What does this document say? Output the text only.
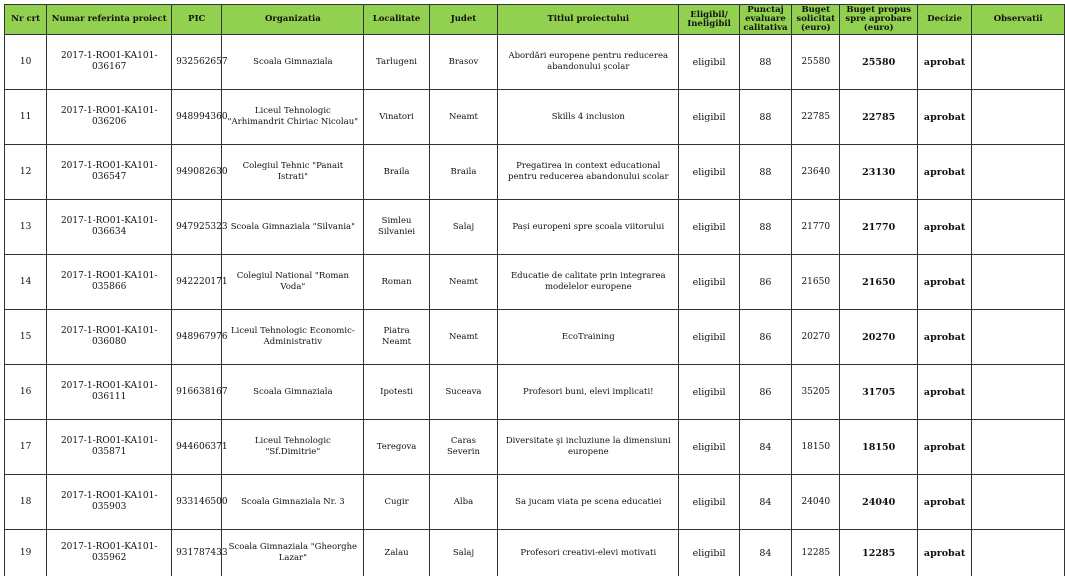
Nr crt	Numar referinta proiect	PIC	Organizatia	Localitate	Judet	Titlul proiectului	Eligibil/ Ineligibil	Punctaj evaluare calitativa	Buget solicitat (euro)	Buget propus spre aprobare (euro)	Decizie	Observatii
10	2017-1-RO01-KA101-036167	932562657	Scoala Gimnaziala	Tarlugeni	Brasov	Abordări europene pentru reducerea abandonului școlar	eligibil	88	25580	25580	aprobat	
11	2017-1-RO01-KA101-036206	948994360	Liceul Tehnologic "Arhimandrit Chiriac Nicolau"	Vinatori	Neamt	Skills 4 inclusion	eligibil	88	22785	22785	aprobat	
12	2017-1-RO01-KA101-036547	949082630	Colegiul Tehnic "Panait Istrati"	Braila	Braila	Pregatirea in context educational pentru reducerea abandonului scolar	eligibil	88	23640	23130	aprobat	
13	2017-1-RO01-KA101-036634	947925323	Scoala Gimnaziala "Silvania"	Simleu Silvaniei	Salaj	Pași europeni spre școala viitorului	eligibil	88	21770	21770	aprobat	
14	2017-1-RO01-KA101-035866	942220171	Colegiul National "Roman Voda"	Roman	Neamt	Educatie de calitate prin integrarea modelelor europene	eligibil	86	21650	21650	aprobat	
15	2017-1-RO01-KA101-036080	948967976	Liceul Tehnologic Economic-Administrativ	Piatra Neamt	Neamt	EcoTraining	eligibil	86	20270	20270	aprobat	
16	2017-1-RO01-KA101-036111	916638167	Scoala Gimnaziala	Ipotesti	Suceava	Profesori buni, elevi implicati!	eligibil	86	35205	31705	aprobat	
17	2017-1-RO01-KA101-035871	944606371	Liceul Tehnologic "Sf.Dimitrie"	Teregova	Caras Severin	Diversitate şi incluziune la dimensiuni europene	eligibil	84	18150	18150	aprobat	
18	2017-1-RO01-KA101-035903	933146500	Scoala Gimnaziala Nr. 3	Cugir	Alba	Sa jucam viata pe scena educatiei	eligibil	84	24040	24040	aprobat	
19	2017-1-RO01-KA101-035962	931787433	Scoala Gimnaziala "Gheorghe Lazar"	Zalau	Salaj	Profesori creativi-elevi motivati	eligibil	84	12285	12285	aprobat	
